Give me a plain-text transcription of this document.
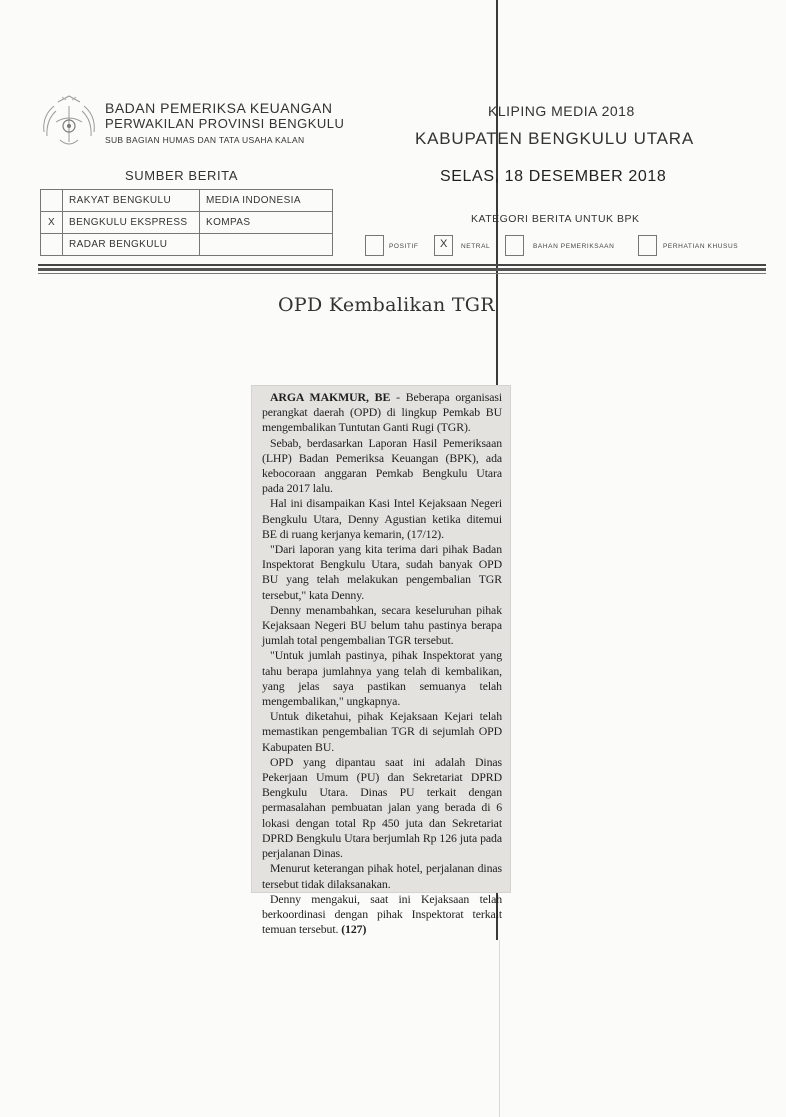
BADAN PEMERIKSA KEUANGAN
PERWAKILAN PROVINSI BENGKULU
SUB BAGIAN HUMAS DAN TATA USAHA KALAN
KLIPING MEDIA 2018
KABUPATEN BENGKULU UTARA
SELAS, 18 DESEMBER 2018
SUMBER BERITA
	RAKYAT BENGKULU	MEDIA INDONESIA
X	BENGKULU EKSPRESS	KOMPAS
	RADAR BENGKULU	
KATEGORI BERITA UNTUK BPK
POSITIF X NETRAL	BAHAN PEMERIKSAAN	PERHATIAN KHUSUS
OPD Kembalikan TGR

ARGA MAKMUR, BE - Beberapa organisasi perangkat daerah (OPD) di lingkup Pemkab BU mengembalikan Tuntutan Ganti Rugi (TGR).

Sebab, berdasarkan Laporan Hasil Pemeriksaan (LHP) Badan Pemeriksa Keuangan (BPK), ada kebocoraan anggaran Pemkab Bengkulu Utara pada 2017 lalu.

Hal ini disampaikan Kasi Intel Kejaksaan Negeri Bengkulu Utara, Denny Agustian ketika ditemui BE di ruang kerjanya kemarin, (17/12).

"Dari laporan yang kita terima dari pihak Badan Inspektorat Bengkulu Utara, sudah banyak OPD BU yang telah melakukan pengembalian TGR tersebut," kata Denny.

Denny menambahkan, secara keseluruhan pihak Kejaksaan Negeri BU belum tahu pastinya berapa jumlah total pengembalian TGR tersebut.

"Untuk jumlah pastinya, pihak Inspektorat yang tahu berapa jumlahnya yang telah di kembalikan, yang jelas saya pastikan semuanya telah mengembalikan," ungkapnya.

Untuk diketahui, pihak Kejaksaan Kejari telah memastikan pengembalian TGR di sejumlah OPD Kabupaten BU.

OPD yang dipantau saat ini adalah Dinas Pekerjaan Umum (PU) dan Sekretariat DPRD Bengkulu Utara. Dinas PU terkait dengan permasalahan pembuatan jalan yang berada di 6 lokasi dengan total Rp 450 juta dan Sekretariat DPRD Bengkulu Utara berjumlah Rp 126 juta pada perjalanan Dinas.

Menurut keterangan pihak hotel, perjalanan dinas tersebut tidak dilaksanakan.

Denny mengakui, saat ini Kejaksaan telah berkoordinasi dengan pihak Inspektorat terkait temuan tersebut. (127)
